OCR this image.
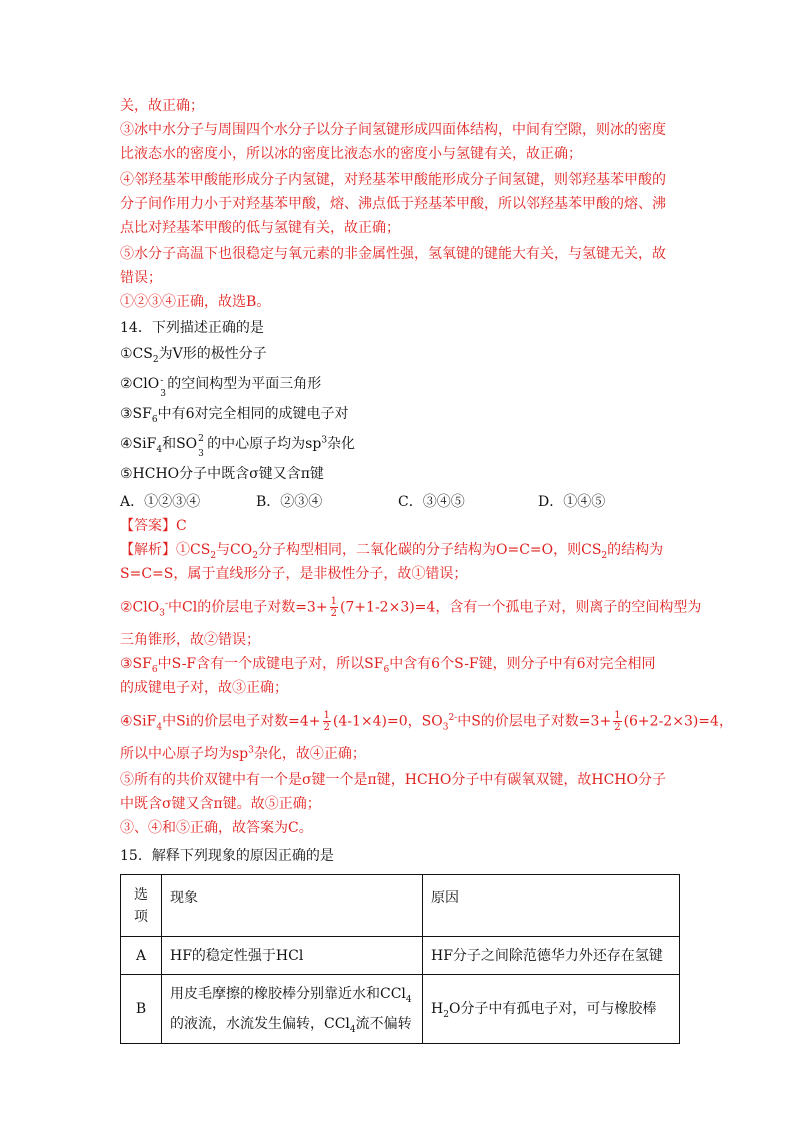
关，故正确；
③冰中水分子与周围四个水分子以分子间氢键形成四面体结构，中间有空隙，则冰的密度
比液态水的密度小，所以冰的密度比液态水的密度小与氢键有关，故正确；
④邻羟基苯甲酸能形成分子内氢键，对羟基苯甲酸能形成分子间氢键，则邻羟基苯甲酸的
分子间作用力小于对羟基苯甲酸，熔、沸点低于羟基苯甲酸，所以邻羟基苯甲酸的熔、沸
点比对羟基苯甲酸的低与氢键有关，故正确；
⑤水分子高温下也很稳定与氧元素的非金属性强，氢氧键的键能大有关，与氢键无关，故
错误；
①②③④正确，故选B。
14．下列描述正确的是
$①CS_2$为V形的极性分子
②ClO -
3
的空间构型为平面三角形
$③SF_6$中有6对完全相同的成键电子对
④SiF$_4$和SO 2
3
的中心原子均为$sp^3$杂化
⑤HCHO分子中既含σ键又含π键
A．①②③④	B．②③④	C．③④⑤	D．①④⑤
【答案】C
【解析】$①CS_2$与$CO_2$分子构型相同，二氧化碳的分子结构为O=C=O，则$CS_2$的结构为
S=C=S，属于直线形分子，是非极性分子，故①错误；
②ClO$_3$-中Cl的价层电子对数$=3+ \frac{1}{2} (7+1-2\times 3)=4$，含有一个孤电子对，则离子的空间构型为
三角锥形，故②错误；
$③SF_6$中S-F含有一个成键电子对，所以$SF_6$中含有6个S-F键，则分子中有6对完全相同
的成键电子对，故③正确；
④SiF$_4$中Si的价层电子对数$=4+ \frac{1}{2} (4-1\times 4)=0$，$SO_3^{2-}$中S的价层电子对数$=3+ \frac{1}{2} (6+2-2\times 3)=4$，
所以中心原子均为$sp^3$杂化，故④正确；
⑤所有的共价双键中有一个是σ键一个是π键，HCHO分子中有碳氧双键，故HCHO分子
中既含σ键又含π键。故⑤正确；
③、④和⑤正确，故答案为C。
15．解释下列现象的原因正确的是
选项	现象	原因
A	HF的稳定性强于HCl	HF分子之间除范德华力外还存在氢键
B	用皮毛摩擦的橡胶棒分别靠近水和CCl$_4$
的液流，水流发生偏转，CCl$_4$流不偏转	$H_2O$分子中有孤电子对，可与橡胶棒
